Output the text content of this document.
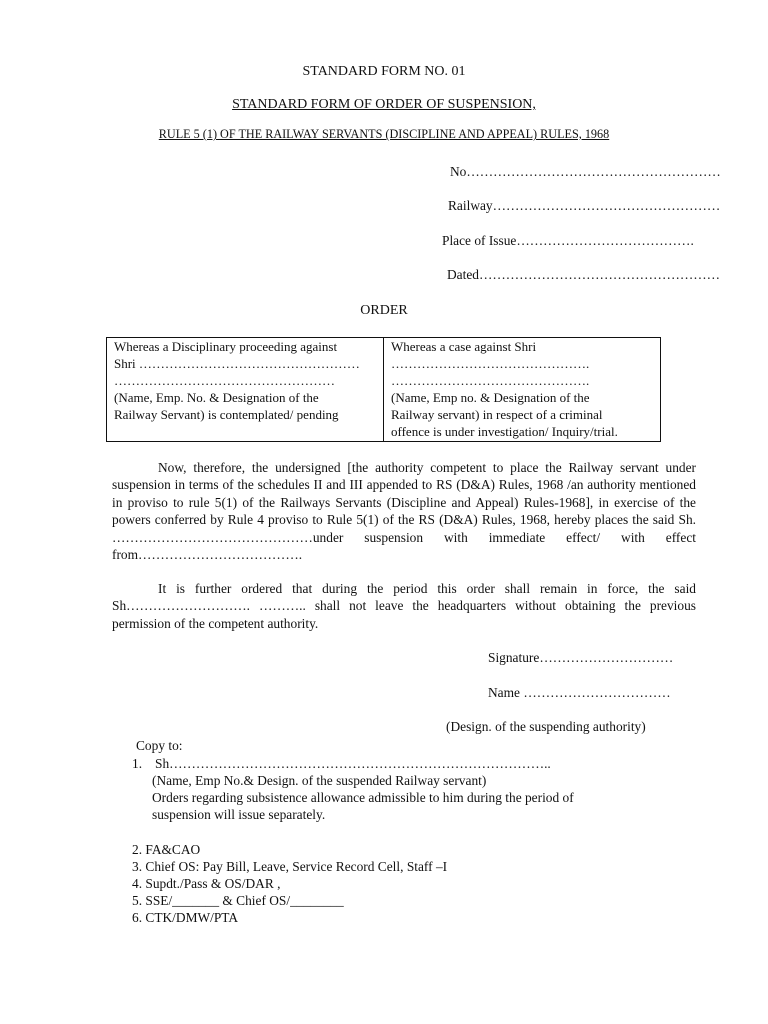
STANDARD FORM NO. 01
STANDARD FORM OF ORDER OF SUSPENSION,
RULE 5 (1) OF THE RAILWAY SERVANTS (DISCIPLINE AND APPEAL) RULES, 1968
No…………………………………………………
Railway……………………………………………
Place of Issue………………………………….
Dated………………………………………………
ORDER

Whereas a Disciplinary proceeding against

Shri ……………………………………………

……………………………………………

(Name, Emp. No. & Designation of the

Railway Servant) is contemplated/ pending

Whereas a case against Shri

……………………………………….

……………………………………….

(Name, Emp no. & Designation of the

Railway servant) in respect of a criminal

offence is under investigation/ Inquiry/trial.

Now, therefore, the undersigned [the authority competent to place the Railway servant under suspension in terms of the schedules II and III appended to RS (D&A) Rules, 1968 /an authority mentioned in proviso to rule 5(1) of the Railways Servants (Discipline and Appeal) Rules-1968], in exercise of the powers conferred by Rule 4 proviso to Rule 5(1) of the RS (D&A) Rules, 1968, hereby places the said Sh. ………………………………………under suspension with immediate effect/ with effect from……………………………….

It is further ordered that during the period this order shall remain in force, the said Sh………………………. ……….. shall not leave the headquarters without obtaining the previous permission of the competent authority.

Signature…………………………
Name ……………………………
(Design. of the suspending authority)

Copy to:

1. Sh…………………………………………………………………………..

(Name, Emp No.& Design. of the suspended Railway servant)

Orders regarding subsistence allowance admissible to him during the period of

suspension will issue separately.

2. FA&CAO

3. Chief OS: Pay Bill, Leave, Service Record Cell, Staff –I

4. Supdt./Pass & OS/DAR ,

5. SSE/_______ & Chief OS/________

6. CTK/DMW/PTA
